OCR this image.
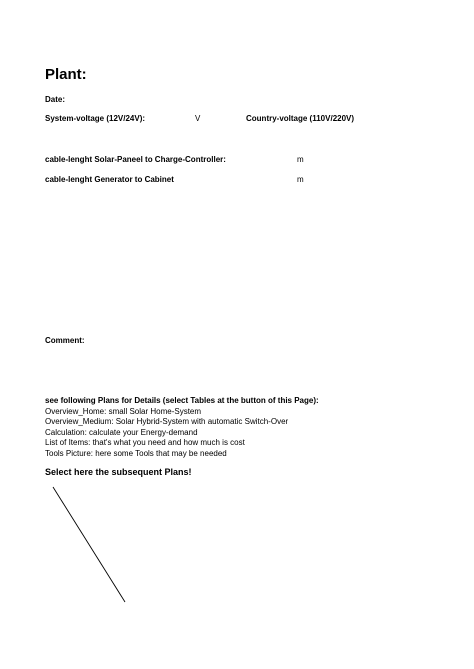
Plant:
Date:
System-voltage (12V/24V):	V	Country-voltage (110V/220V)
cable-lenght Solar-Paneel to Charge-Controller:	m
cable-lenght Generator to Cabinet	m
Comment:
see following Plans for Details (select Tables at the button of this Page):
Overview_Home: small Solar Home-System
Overview_Medium: Solar Hybrid-System with automatic Switch-Over
Calculation: calculate your Energy-demand
List of Items: that's what you need and how much is cost
Tools Picture: here some Tools that may be needed
Select here the subsequent Plans!
